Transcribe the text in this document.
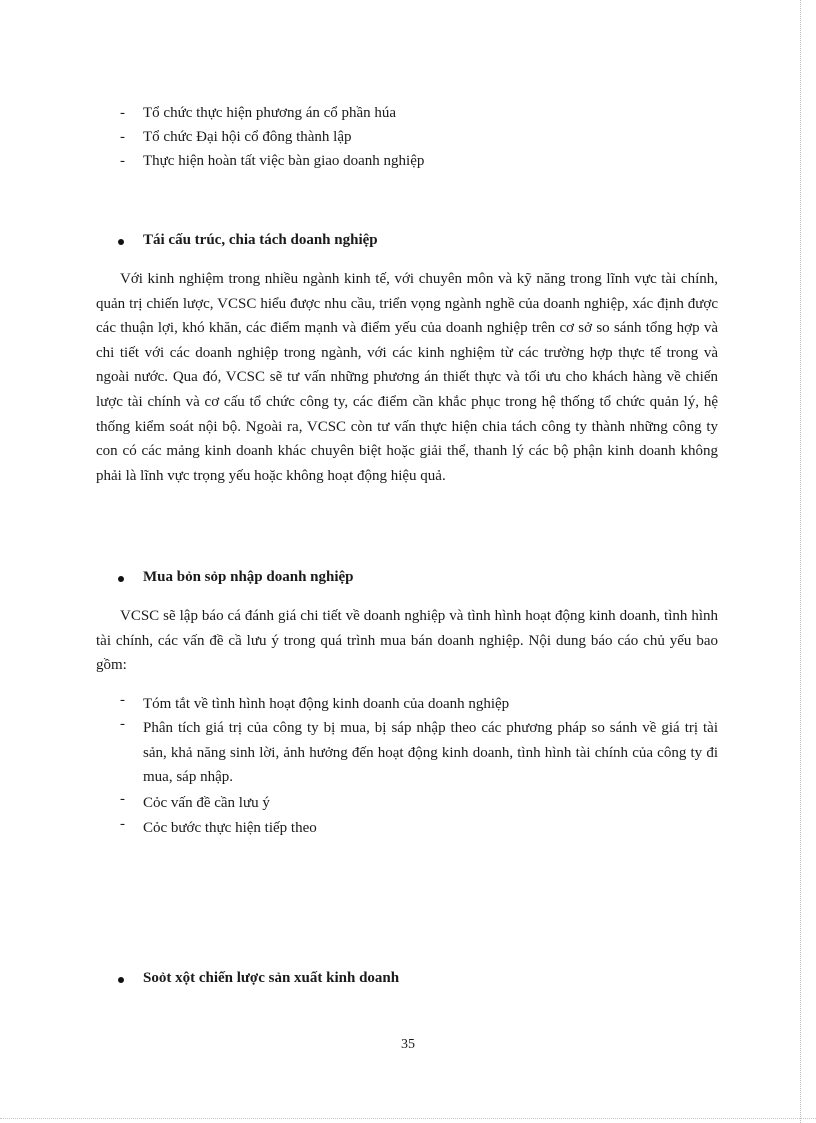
- Tổ chức thực hiện phương án cổ phần húa
- Tổ chức Đại hội cổ đông thành lập
- Thực hiện hoàn tất việc bàn giao doanh nghiệp
Tái cấu trúc, chia tách doanh nghiệp

Với kinh nghiệm trong nhiều ngành kinh tế, với chuyên môn và kỹ năng trong lĩnh vực tài chính, quản trị chiến lược, VCSC hiểu được nhu cầu, triển vọng ngành nghề của doanh nghiệp, xác định được các thuận lợi, khó khăn, các điểm mạnh và điểm yếu của doanh nghiệp trên cơ sở so sánh tổng hợp và chi tiết với các doanh nghiệp trong ngành, với các kinh nghiệm từ các trường hợp thực tế trong và ngoài nước. Qua đó, VCSC sẽ tư vấn những phương án thiết thực và tối ưu cho khách hàng về chiến lược tài chính và cơ cấu tổ chức công ty, các điểm cần khắc phục trong hệ thống tổ chức quản lý, hệ thống kiểm soát nội bộ. Ngoài ra, VCSC còn tư vấn thực hiện chia tách công ty thành những công ty con có các mảng kinh doanh khác chuyên biệt hoặc giải thể, thanh lý các bộ phận kinh doanh không phải là lĩnh vực trọng yếu hoặc không hoạt động hiệu quả.

Mua bỏn sỏp nhập doanh nghiệp

VCSC sẽ lập báo cá đánh giá chi tiết về doanh nghiệp và tình hình hoạt động kinh doanh, tình hình tài chính, các vấn đề cầ lưu ý trong quá trình mua bán doanh nghiệp. Nội dung báo cáo chủ yếu bao gồm:

- Tóm tắt về tình hình hoạt động kinh doanh của doanh nghiệp

- Phân tích giá trị của công ty bị mua, bị sáp nhập theo các phương pháp so sánh về giá trị tài sản, khả năng sinh lời, ảnh hưởng đến hoạt động kinh doanh, tình hình tài chính của công ty đi mua, sáp nhập.

- Cỏc vấn đề cần lưu ý

- Cỏc bước thực hiện tiếp theo

Soỏt xột chiến lược sản xuất kinh doanh
35
